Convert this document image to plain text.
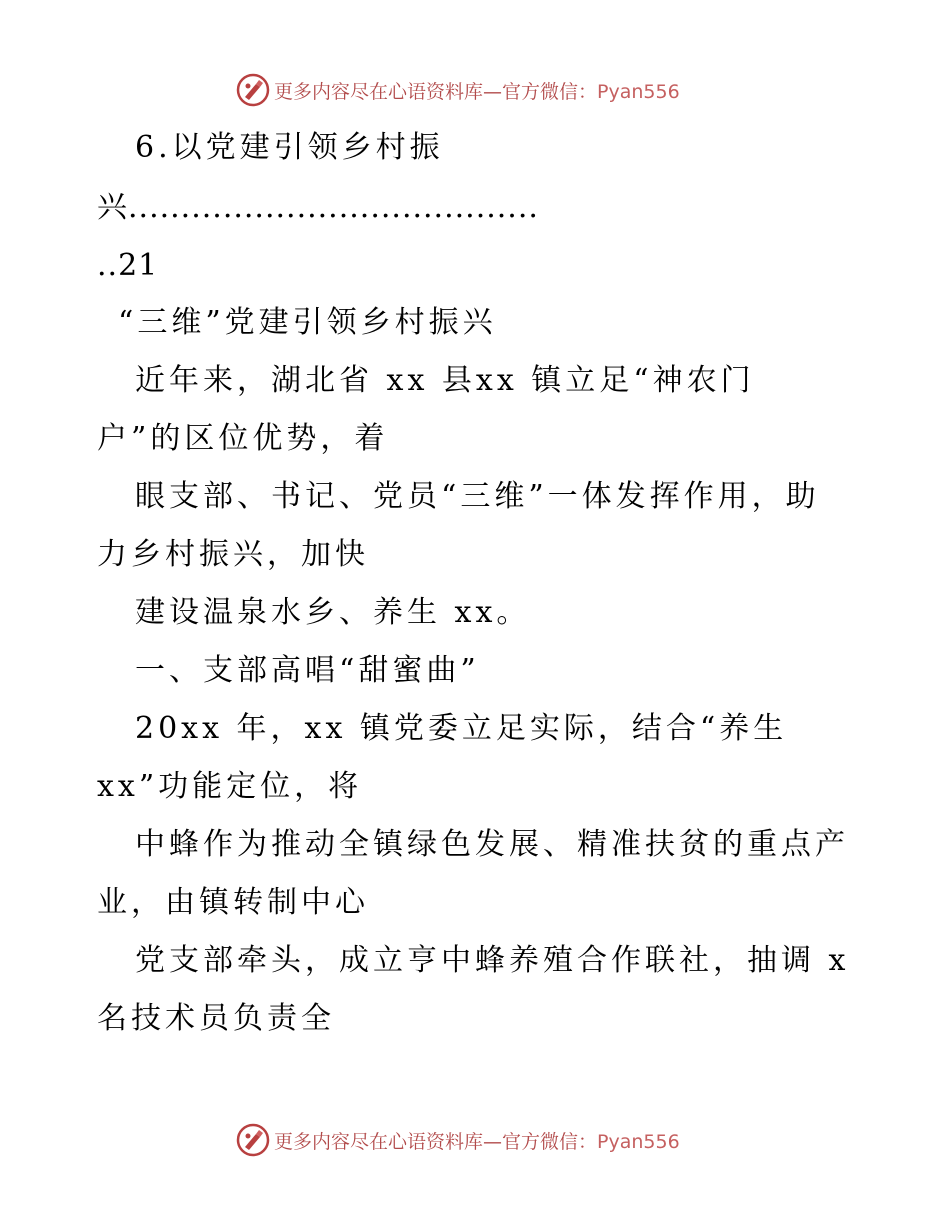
更多内容尽在心语资料库—官方微信：Pyan556
6.以党建引领乡村振
兴.......................................
..21
“三维”党建引领乡村振兴
近年来，湖北省 xx 县xx 镇立足“神农门
户”的区位优势，着
眼支部、书记、党员“三维”一体发挥作用，助
力乡村振兴，加快
建设温泉水乡、养生 xx。
一、支部高唱“甜蜜曲”
20xx 年，xx 镇党委立足实际，结合“养生
xx”功能定位，将
中蜂作为推动全镇绿色发展、精准扶贫的重点产
业，由镇转制中心
党支部牵头，成立亨中蜂养殖合作联社，抽调 x
名技术员负责全
更多内容尽在心语资料库—官方微信：Pyan556
